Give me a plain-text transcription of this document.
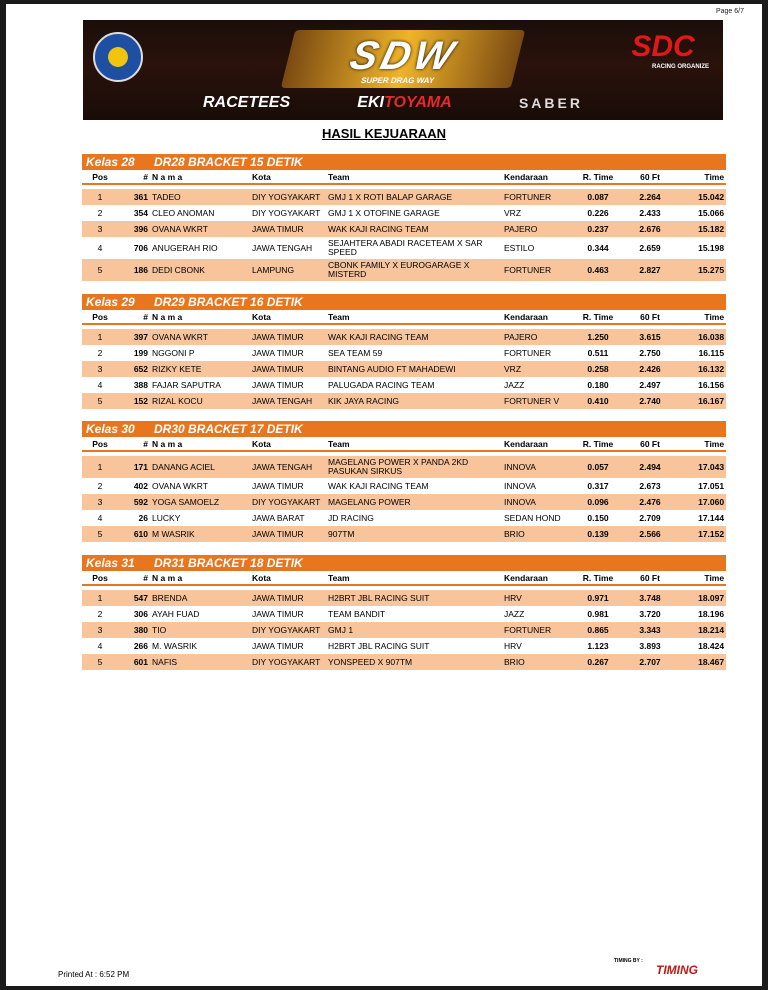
Page 6/7
SDW
SUPER DRAG WAY
SDC
RACING ORGANIZE
RACETEES	EKITOYAMA	SABER
HASIL KEJUARAAN
Kelas 28		DR28 BRACKET 15 DETIK						
Pos	#	N a m a	Kota	Team	Kendaraan	R. Time	60 Ft	Time

1	361	TADEO	DIY YOGYAKART	GMJ 1 X ROTI BALAP GARAGE	FORTUNER	0.087	2.264	15.042
2	354	CLEO ANOMAN	DIY YOGYAKART	GMJ 1 X OTOFINE GARAGE	VRZ	0.226	2.433	15.066
3	396	OVANA WKRT	JAWA TIMUR	WAK KAJI RACING TEAM	PAJERO	0.237	2.676	15.182
4	706	ANUGERAH RIO	JAWA TENGAH	SEJAHTERA ABADI RACETEAM X SAR SPEED	ESTILO	0.344	2.659	15.198
5	186	DEDI CBONK	LAMPUNG	CBONK FAMILY X EUROGARAGE X MISTERD	FORTUNER	0.463	2.827	15.275
Kelas 29		DR29 BRACKET 16 DETIK						
Pos	#	N a m a	Kota	Team	Kendaraan	R. Time	60 Ft	Time

1	397	OVANA WKRT	JAWA TIMUR	WAK KAJI RACING TEAM	PAJERO	1.250	3.615	16.038
2	199	NGGONI P	JAWA TIMUR	SEA TEAM 59	FORTUNER	0.511	2.750	16.115
3	652	RIZKY KETE	JAWA TIMUR	BINTANG AUDIO FT MAHADEWI	VRZ	0.258	2.426	16.132
4	388	FAJAR SAPUTRA	JAWA TIMUR	PALUGADA RACING TEAM	JAZZ	0.180	2.497	16.156
5	152	RIZAL KOCU	JAWA TENGAH	KIK JAYA RACING	FORTUNER V	0.410	2.740	16.167
Kelas 30		DR30 BRACKET 17 DETIK						
Pos	#	N a m a	Kota	Team	Kendaraan	R. Time	60 Ft	Time

1	171	DANANG ACIEL	JAWA TENGAH	MAGELANG POWER X PANDA 2KD PASUKAN SIRKUS	INNOVA	0.057	2.494	17.043
2	402	OVANA WKRT	JAWA TIMUR	WAK KAJI RACING TEAM	INNOVA	0.317	2.673	17.051
3	592	YOGA SAMOELZ	DIY YOGYAKART	MAGELANG POWER	INNOVA	0.096	2.476	17.060
4	26	LUCKY	JAWA BARAT	JD RACING	SEDAN HOND	0.150	2.709	17.144
5	610	M WASRIK	JAWA TIMUR	907TM	BRIO	0.139	2.566	17.152
Kelas 31		DR31 BRACKET 18 DETIK						
Pos	#	N a m a	Kota	Team	Kendaraan	R. Time	60 Ft	Time

1	547	BRENDA	JAWA TIMUR	H2BRT JBL RACING SUIT	HRV	0.971	3.748	18.097
2	306	AYAH FUAD	JAWA TIMUR	TEAM BANDIT	JAZZ	0.981	3.720	18.196
3	380	TIO	DIY YOGYAKART	GMJ 1	FORTUNER	0.865	3.343	18.214
4	266	M. WASRIK	JAWA TIMUR	H2BRT JBL RACING SUIT	HRV	1.123	3.893	18.424
5	601	NAFIS	DIY YOGYAKART	YONSPEED X 907TM	BRIO	0.267	2.707	18.467
Printed At : 6:52 PM
TIMING BY :
TIMING
